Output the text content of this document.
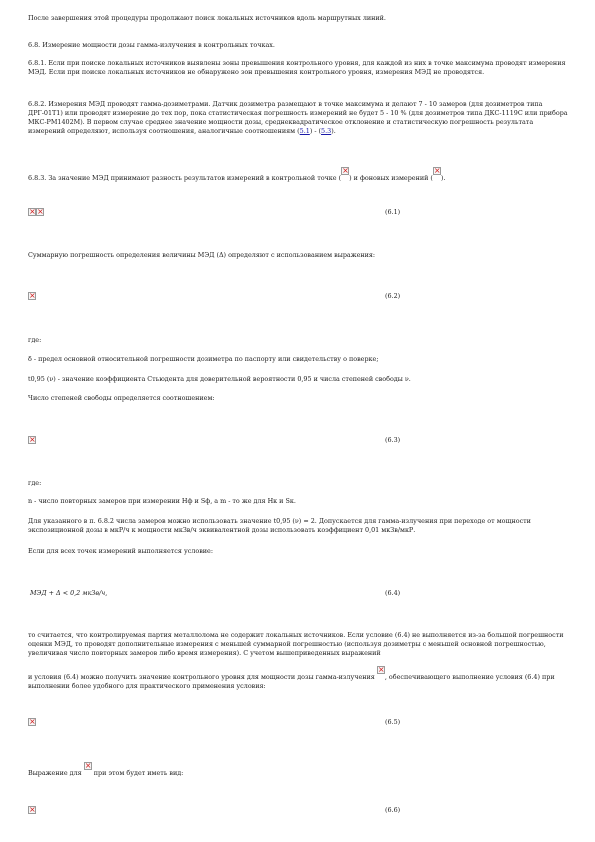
После завершения этой процедуры продолжают поиск локальных источников вдоль маршрутных линий.

6.8. Измерение мощности дозы гамма-излучения в контрольных точках.

6.8.1. Если при поиске локальных источников выявлены зоны превышения контрольного уровня, для каждой из них в точке максимума проводят измерения МЭД. Если при поиске локальных источников не обнаружено зон превышения контрольного уровня, измерения МЭД не проводятся.

6.8.2. Измерения МЭД проводят гамма-дозиметрами. Датчик дозиметра размещают в точке максимума и делают 7 - 10 замеров (для дозиметров типа ДРГ-01Т1) или проводят измерение до тех пор, пока статистическая погрешность измерений не будет 5 - 10 % (для дозиметров типа ДКС-1119С или прибора МКС-РМ1402М). В первом случае среднее значение мощности дозы, среднеквадратическое отклонение и статистическую погрешность результата измерений определяют, используя соотношения, аналогичные соотношениям (5.1) - (5.3).

6.8.3. За значение МЭД принимают разность результатов измерений в контрольной точке (× ) и фоновых измерений (× ).

××
(6.1)

Суммарную погрешность определения величины МЭД (Δ) определяют с использованием выражения:

×
(6.2)

где:

δ - предел основной относительной погрешности дозиметра по паспорту или свидетельству о поверке;

t0,95 (ν) - значение коэффициента Стьюдента для доверительной вероятности 0,95 и числа степеней свободы ν.

Число степеней свободы определяется соотношением:

×
(6.3)

где:

n - число повторных замеров при измерении Нф и Sф, а m - то же для Нк и Sк.

Для указанного в п. 6.8.2 числа замеров можно использовать значение t0,95 (ν) = 2. Допускается для гамма-излучения при переходе от мощности экспозиционной дозы в мкР/ч к мощности мкЗв/ч эквивалентной дозы использовать коэффициент 0,01 мкЗв/мкР.

Если для всех точек измерений выполняется условие:

МЭД + Δ < 0,2 мкЗв/ч,	(6.4)

то считается, что контролируемая партия металлолома не содержит локальных источников. Если условие (6.4) не выполняется из-за большой погрешности оценки МЭД, то проводят дополнительные измерения с меньшей суммарной погрешностью (используя дозиметры с меньшей основной погрешностью, увеличивая число повторных замеров либо время измерения). С учетом вышеприведенных выражений

и условия (6.4) можно получить значение контрольного уровня для мощности дозы гамма-излучения × , обеспечивающего выполнение условия (6.4) при выполнении более удобного для практического применения условия:

×
(6.5)

Выражение для × при этом будет иметь вид:

×
(6.6)
